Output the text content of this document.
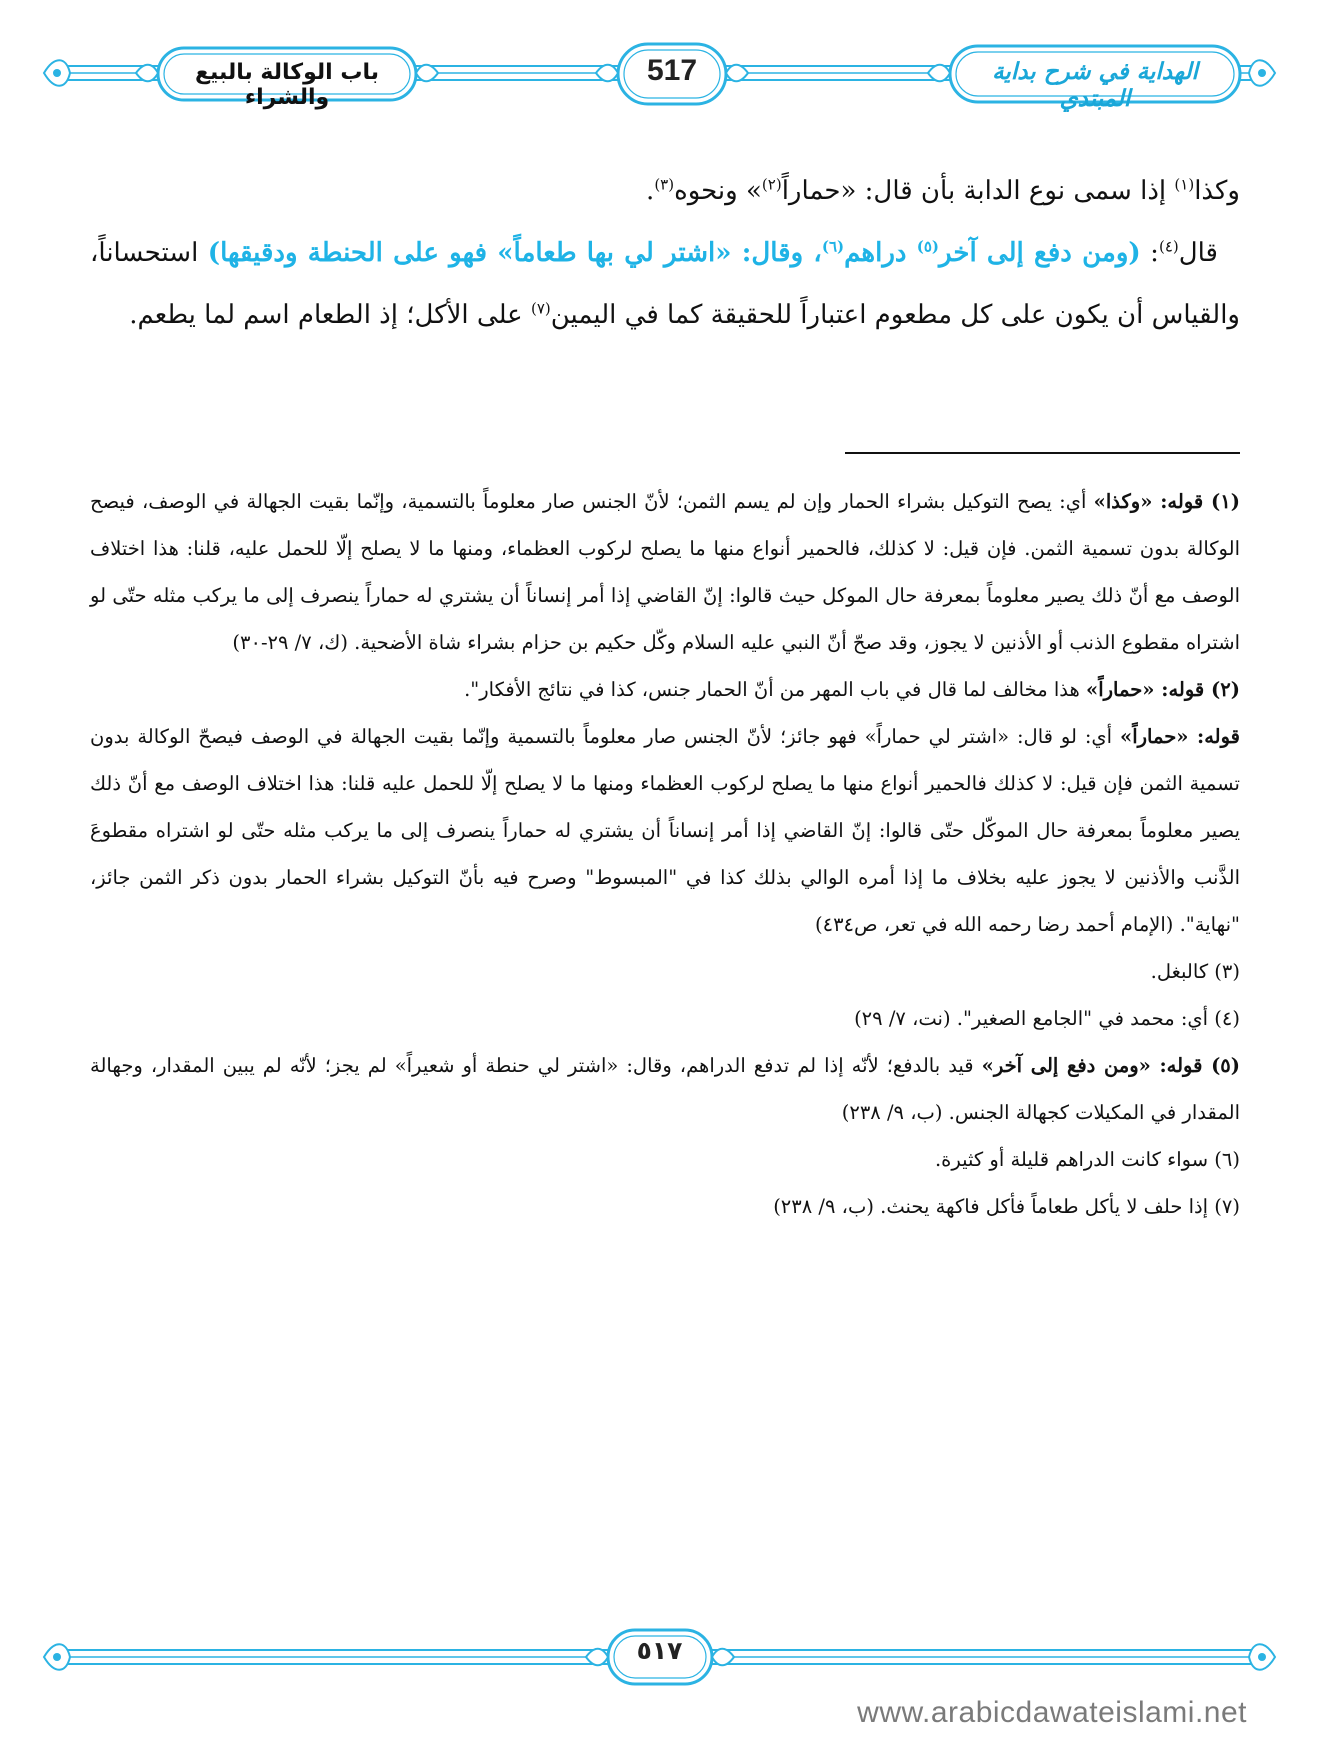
باب الوكالة بالبيع والشراء
517	الهداية في شرح بداية المبتدي

وكذا$^{(١)}$ إذا سمى نوع الدابة بأن قال: «حماراً$^{(٢)}$» ونحوه$^{(٣)}$.

قال$^{(٤)}$: (ومن دفع إلى آخر$^{(٥)}$ دراهم$^{(٦)}$، وقال: «اشتر لي بها طعاماً» فهو على الحنطة ودقيقها) استحساناً، والقياس أن يكون على كل مطعوم اعتباراً للحقيقة كما في اليمين$^{(٧)}$ على الأكل؛ إذ الطعام اسم لما يطعم.

(١) قوله: «وكذا» أي: يصح التوكيل بشراء الحمار وإن لم يسم الثمن؛ لأنّ الجنس صار معلوماً بالتسمية، وإنّما بقيت الجهالة في الوصف، فيصح الوكالة بدون تسمية الثمن. فإن قيل: لا كذلك، فالحمير أنواع منها ما يصلح لركوب العظماء، ومنها ما لا يصلح إلّا للحمل عليه، قلنا: هذا اختلاف الوصف مع أنّ ذلك يصير معلوماً بمعرفة حال الموكل حيث قالوا: إنّ القاضي إذا أمر إنساناً أن يشتري له حماراً ينصرف إلى ما يركب مثله حتّى لو اشتراه مقطوع الذنب أو الأذنين لا يجوز، وقد صحّ أنّ النبي عليه السلام وكّل حكيم بن حزام بشراء شاة الأضحية. (ك، ٧/ ٢٩-٣٠)

(٢) قوله: «حماراً» هذا مخالف لما قال في باب المهر من أنّ الحمار جنس، كذا في نتائج الأفكار".

قوله: «حماراً» أي: لو قال: «اشتر لي حماراً» فهو جائز؛ لأنّ الجنس صار معلوماً بالتسمية وإنّما بقيت الجهالة في الوصف فيصحّ الوكالة بدون تسمية الثمن فإن قيل: لا كذلك فالحمير أنواع منها ما يصلح لركوب العظماء ومنها ما لا يصلح إلّا للحمل عليه قلنا: هذا اختلاف الوصف مع أنّ ذلك يصير معلوماً بمعرفة حال الموكّل حتّى قالوا: إنّ القاضي إذا أمر إنساناً أن يشتري له حماراً ينصرف إلى ما يركب مثله حتّى لو اشتراه مقطوعَ الذَّنب والأذنين لا يجوز عليه بخلاف ما إذا أمره الوالي بذلك كذا في "المبسوط" وصرح فيه بأنّ التوكيل بشراء الحمار بدون ذكر الثمن جائز، "نهاية". (الإمام أحمد رضا رحمه الله في تعر، ص٤٣٤)

(٣) كالبغل.

(٤) أي: محمد في "الجامع الصغير". (نت، ٧/ ٢٩)

(٥) قوله: «ومن دفع إلى آخر» قيد بالدفع؛ لأنّه إذا لم تدفع الدراهم، وقال: «اشتر لي حنطة أو شعيراً» لم يجز؛ لأنّه لم يبين المقدار، وجهالة المقدار في المكيلات كجهالة الجنس. (ب، ٩/ ٢٣٨)

(٦) سواء كانت الدراهم قليلة أو كثيرة.

(٧) إذا حلف لا يأكل طعاماً فأكل فاكهة يحنث. (ب، ٩/ ٢٣٨)

٥١٧
www.arabicdawateislami.net
